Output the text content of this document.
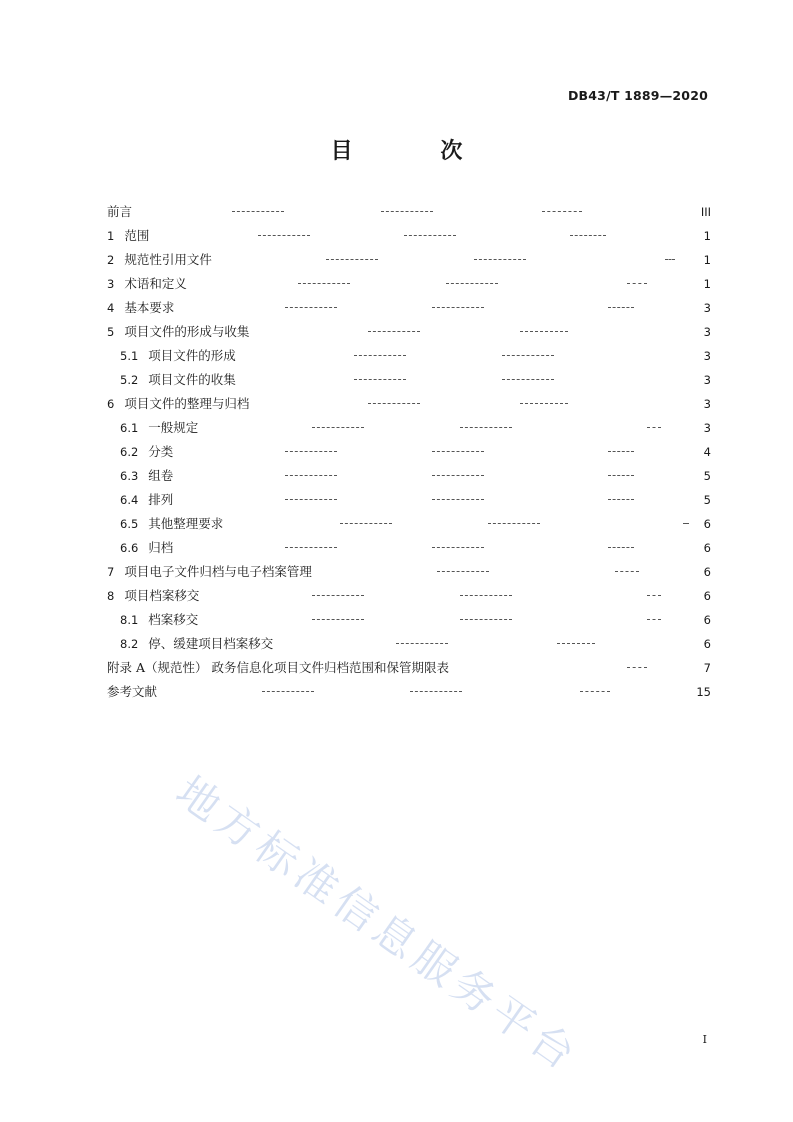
DB43/T 1889—2020
目 次
前言	III
1 范围	1
2 规范性引用文件	1
3 术语和定义	1
4 基本要求	3
5 项目文件的形成与收集	3
5.1 项目文件的形成	3
5.2 项目文件的收集	3
6 项目文件的整理与归档	3
6.1 一般规定	3
6.2 分类	4
6.3 组卷	5
6.4 排列	5
6.5 其他整理要求	6
6.6 归档	6
7 项目电子文件归档与电子档案管理	6
8 项目档案移交	6
8.1 档案移交	6
8.2 停、缓建项目档案移交	6
附录 A（规范性） 政务信息化项目文件归档范围和保管期限表	7
参考文献	15
地方标准信息服务平台	I
